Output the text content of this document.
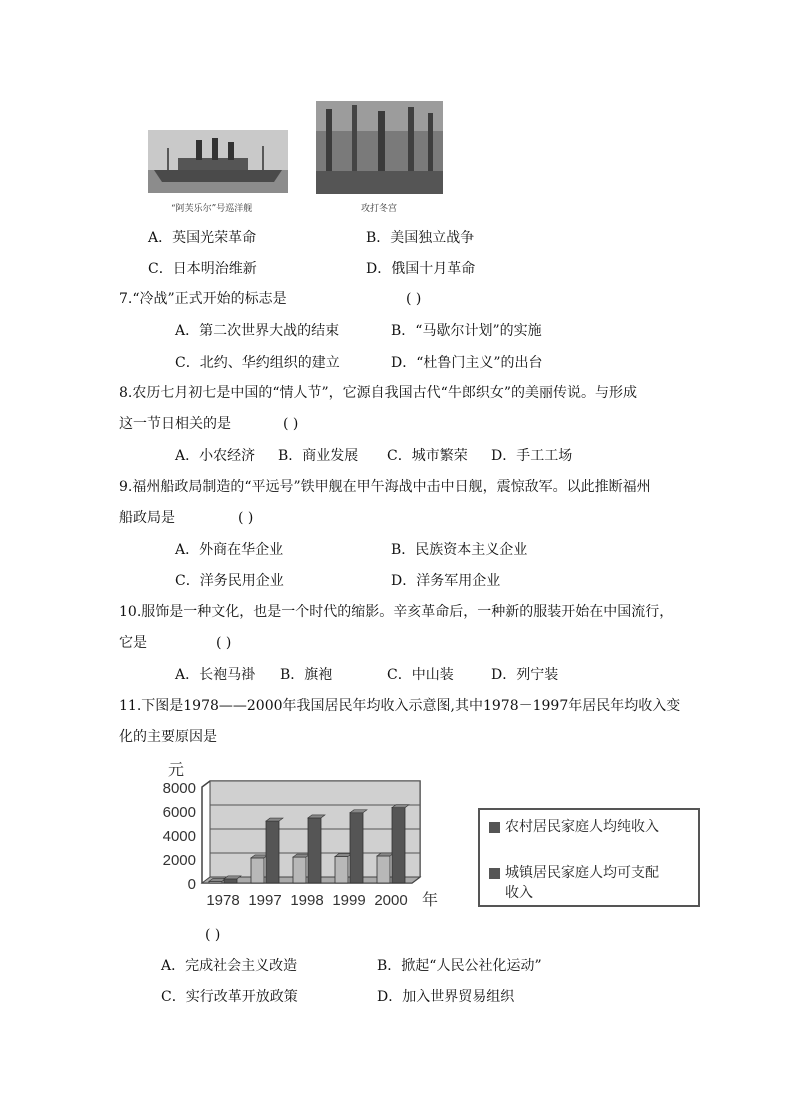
“阿芙乐尔”号巡洋舰	攻打冬宫
A．英国光荣革命	B．美国独立战争
C．日本明治维新	D．俄国十月革命
7.“冷战”正式开始的标志是	( )
A．第二次世界大战的结束	B．“马歇尔计划”的实施
C．北约、华约组织的建立	D．“杜鲁门主义”的出台
8.农历七月初七是中国的“情人节”，它源自我国古代“牛郎织女”的美丽传说。与形成
这一节日相关的是	( )
A．小农经济 B．商业发展 C．城市繁荣 D．手工工场
9.福州船政局制造的“平远号”铁甲舰在甲午海战中击中日舰，震惊敌军。以此推断福州
船政局是	( )
A．外商在华企业	B．民族资本主义企业
C．洋务民用企业	D．洋务军用企业
10.服饰是一种文化，也是一个时代的缩影。辛亥革命后，一种新的服装开始在中国流行，
它是	( )
A．长袍马褂 B．旗袍	C．中山装	D．列宁装
11.下图是1978——2000年我国居民年均收入示意图,其中1978－1997年居民年均收入变
化的主要原因是
0
2000
4000
6000
8000
元
1978 1997 1998 1999 2000 年
农村居民家庭人均纯收入
城镇居民家庭人均可支配
收入
( )
A．完成社会主义改造	B．掀起“人民公社化运动”
C．实行改革开放政策	D．加入世界贸易组织
